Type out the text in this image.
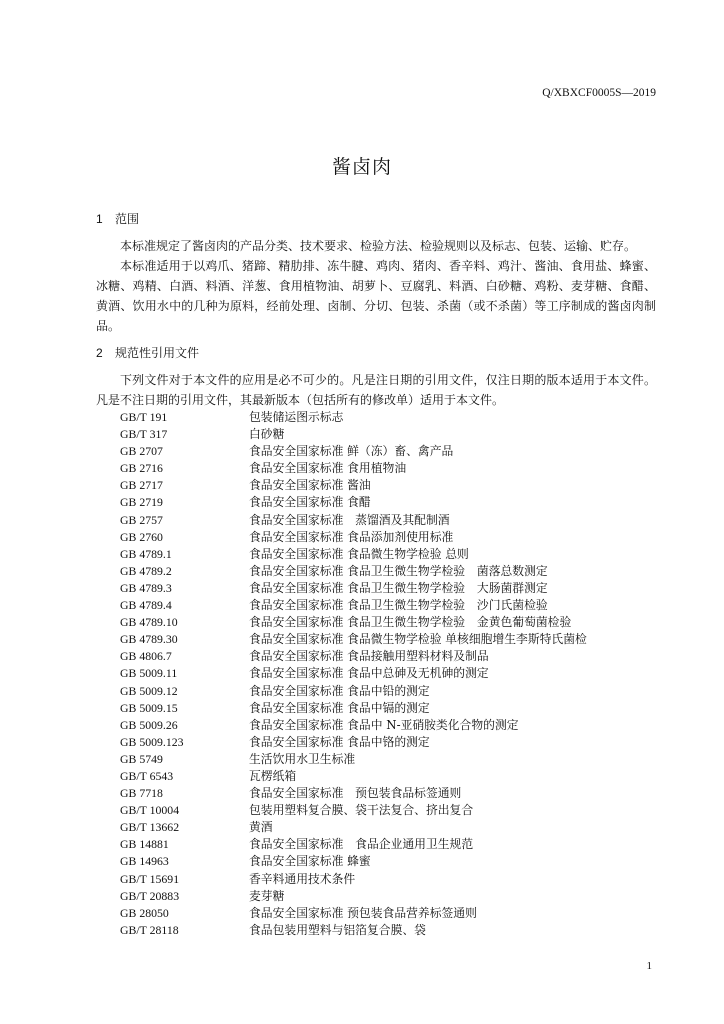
Q/XBXCF0005S—2019
酱卤肉
1 范围

本标准规定了酱卤肉的产品分类、技术要求、检验方法、检验规则以及标志、包装、运输、贮存。

本标准适用于以鸡爪、猪蹄、精肋排、冻牛腱、鸡肉、猪肉、香辛料、鸡汁、酱油、食用盐、蜂蜜、冰糖、鸡精、白酒、料酒、洋葱、食用植物油、胡萝卜、豆腐乳、料酒、白砂糖、鸡粉、麦芽糖、食醋、黄酒、饮用水中的几种为原料，经前处理、卤制、分切、包装、杀菌（或不杀菌）等工序制成的酱卤肉制品。

2 规范性引用文件

下列文件对于本文件的应用是必不可少的。凡是注日期的引用文件，仅注日期的版本适用于本文件。凡是不注日期的引用文件，其最新版本（包括所有的修改单）适用于本文件。

GB/T 191	包装储运图示标志
GB/T 317	白砂糖
GB 2707	食品安全国家标准 鲜（冻）畜、禽产品
GB 2716	食品安全国家标准 食用植物油
GB 2717	食品安全国家标准 酱油
GB 2719	食品安全国家标准 食醋
GB 2757	食品安全国家标准　蒸馏酒及其配制酒
GB 2760	食品安全国家标准 食品添加剂使用标准
GB 4789.1	食品安全国家标准 食品微生物学检验 总则
GB 4789.2	食品安全国家标准 食品卫生微生物学检验　菌落总数测定
GB 4789.3	食品安全国家标准 食品卫生微生物学检验　大肠菌群测定
GB 4789.4	食品安全国家标准 食品卫生微生物学检验　沙门氏菌检验
GB 4789.10	食品安全国家标准 食品卫生微生物学检验　金黄色葡萄菌检验
GB 4789.30	食品安全国家标准 食品微生物学检验 单核细胞增生李斯特氏菌检
GB 4806.7	食品安全国家标准 食品接触用塑料材料及制品
GB 5009.11	食品安全国家标准 食品中总砷及无机砷的测定
GB 5009.12	食品安全国家标准 食品中铅的测定
GB 5009.15	食品安全国家标准 食品中镉的测定
GB 5009.26	食品安全国家标准 食品中 N-亚硝胺类化合物的测定
GB 5009.123	食品安全国家标准 食品中铬的测定
GB 5749	生活饮用水卫生标准
GB/T 6543	瓦楞纸箱
GB 7718	食品安全国家标准　预包装食品标签通则
GB/T 10004	包装用塑料复合膜、袋干法复合、挤出复合
GB/T 13662	黄酒
GB 14881	食品安全国家标准　食品企业通用卫生规范
GB 14963	食品安全国家标准 蜂蜜
GB/T 15691	香辛料通用技术条件
GB/T 20883	麦芽糖
GB 28050	食品安全国家标准 预包装食品营养标签通则
GB/T 28118	食品包装用塑料与铝箔复合膜、袋
1
